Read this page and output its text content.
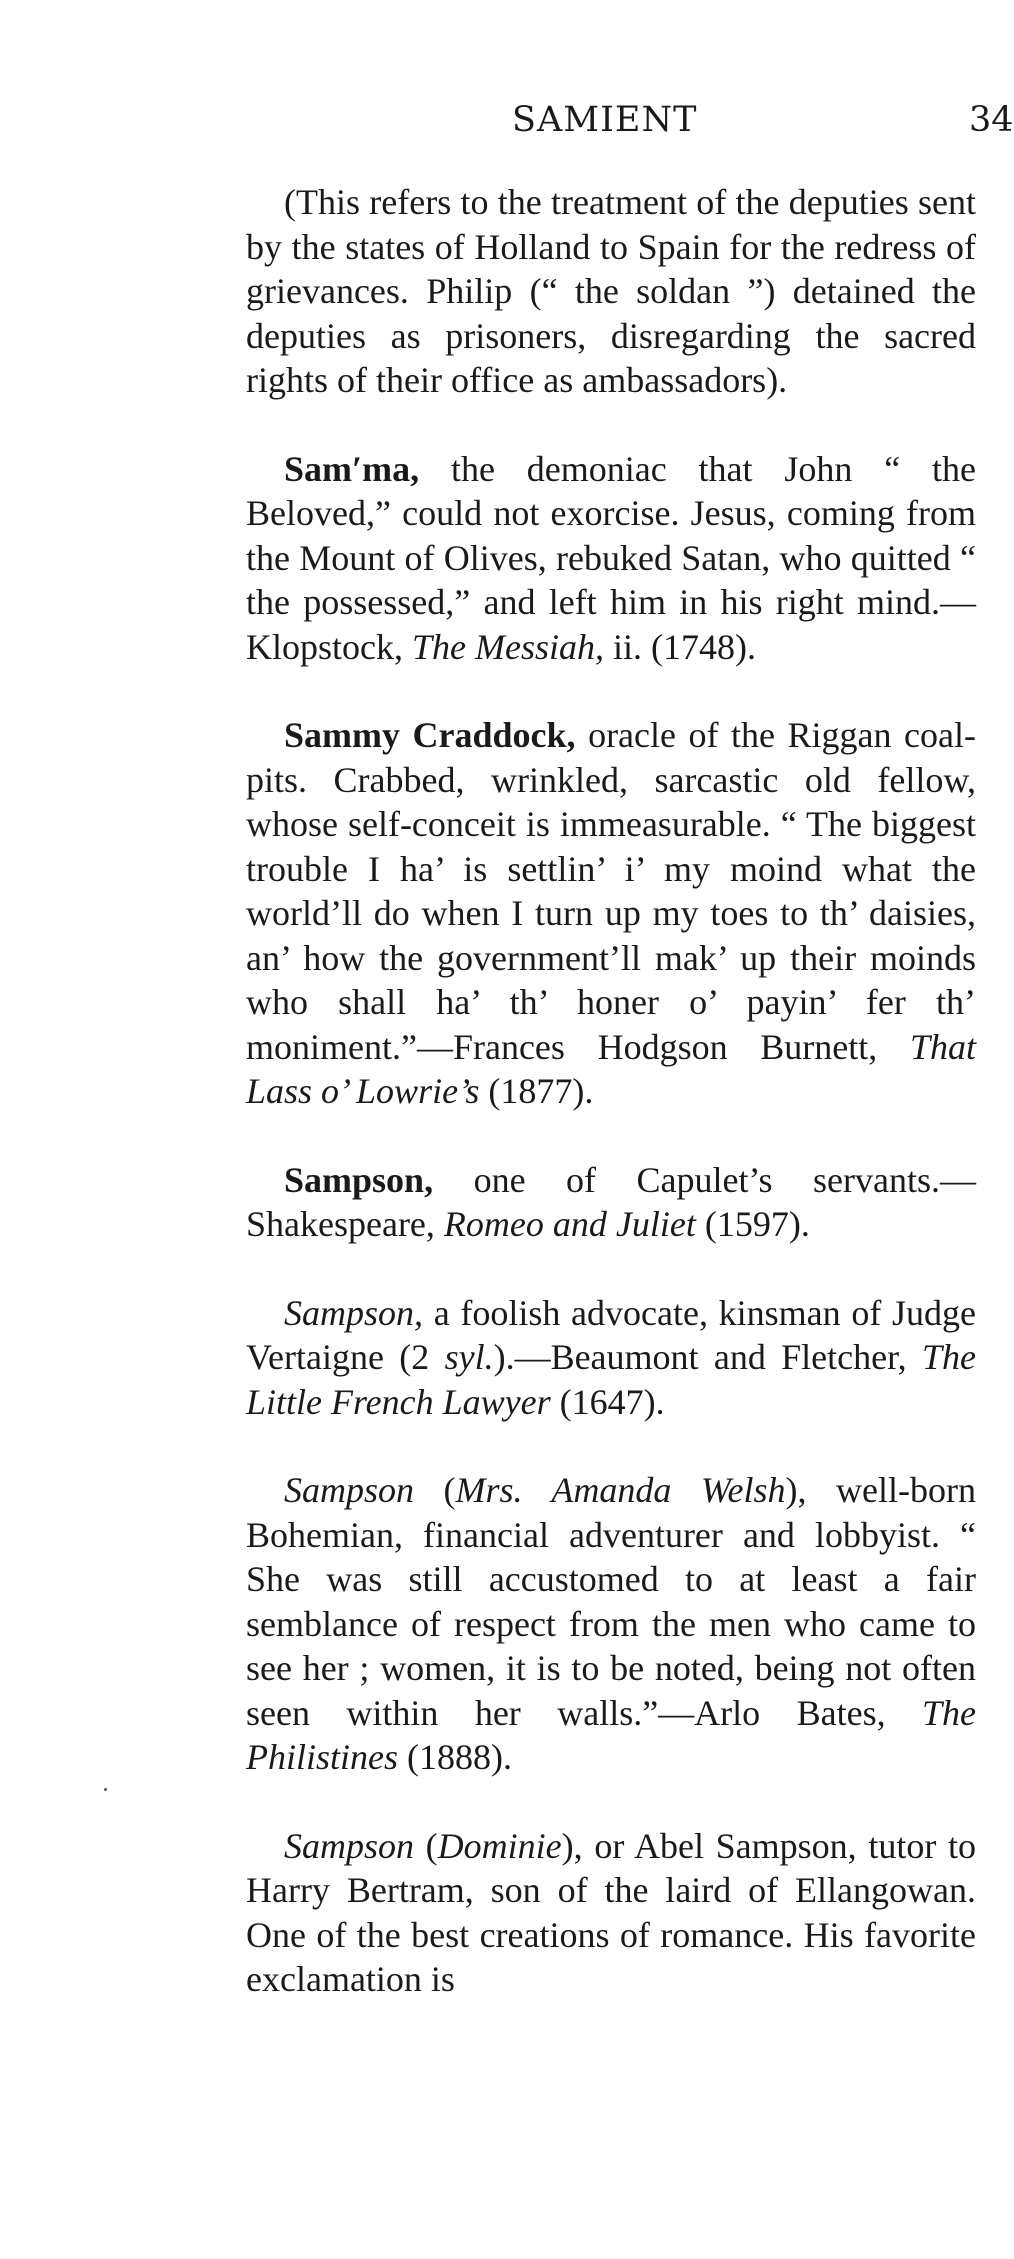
SAMIENT	34

(This refers to the treatment of the deputies sent by the states of Holland to Spain for the redress of grievances. Philip (“ the soldan ”) detained the deputies as prisoners, disregarding the sacred rights of their office as ambassadors).

Sam′ma, the demoniac that John “ the Beloved,” could not exorcise. Jesus, coming from the Mount of Olives, rebuked Satan, who quitted “ the possessed,” and left him in his right mind.—Klopstock, The Messiah, ii. (1748).

Sammy Craddock, oracle of the Riggan coal-pits. Crabbed, wrinkled, sarcastic old fellow, whose self-conceit is immeasurable. “ The biggest trouble I ha’ is settlin’ i’ my moind what the world’ll do when I turn up my toes to th’ daisies, an’ how the government’ll mak’ up their moinds who shall ha’ th’ honer o’ payin’ fer th’ moniment.”—Frances Hodgson Burnett, That Lass o’ Lowrie’s (1877).

Sampson, one of Capulet’s servants.—Shakespeare, Romeo and Juliet (1597).

Sampson, a foolish advocate, kinsman of Judge Vertaigne (2 syl.).—Beaumont and Fletcher, The Little French Lawyer (1647).

Sampson (Mrs. Amanda Welsh), well-born Bohemian, financial adventurer and lobbyist. “ She was still accustomed to at least a fair semblance of respect from the men who came to see her ; women, it is to be noted, being not often seen within her walls.”—Arlo Bates, The Philistines (1888).

Sampson (Dominie), or Abel Sampson, tutor to Harry Bertram, son of the laird of Ellangowan. One of the best creations of romance. His favorite exclamation is
